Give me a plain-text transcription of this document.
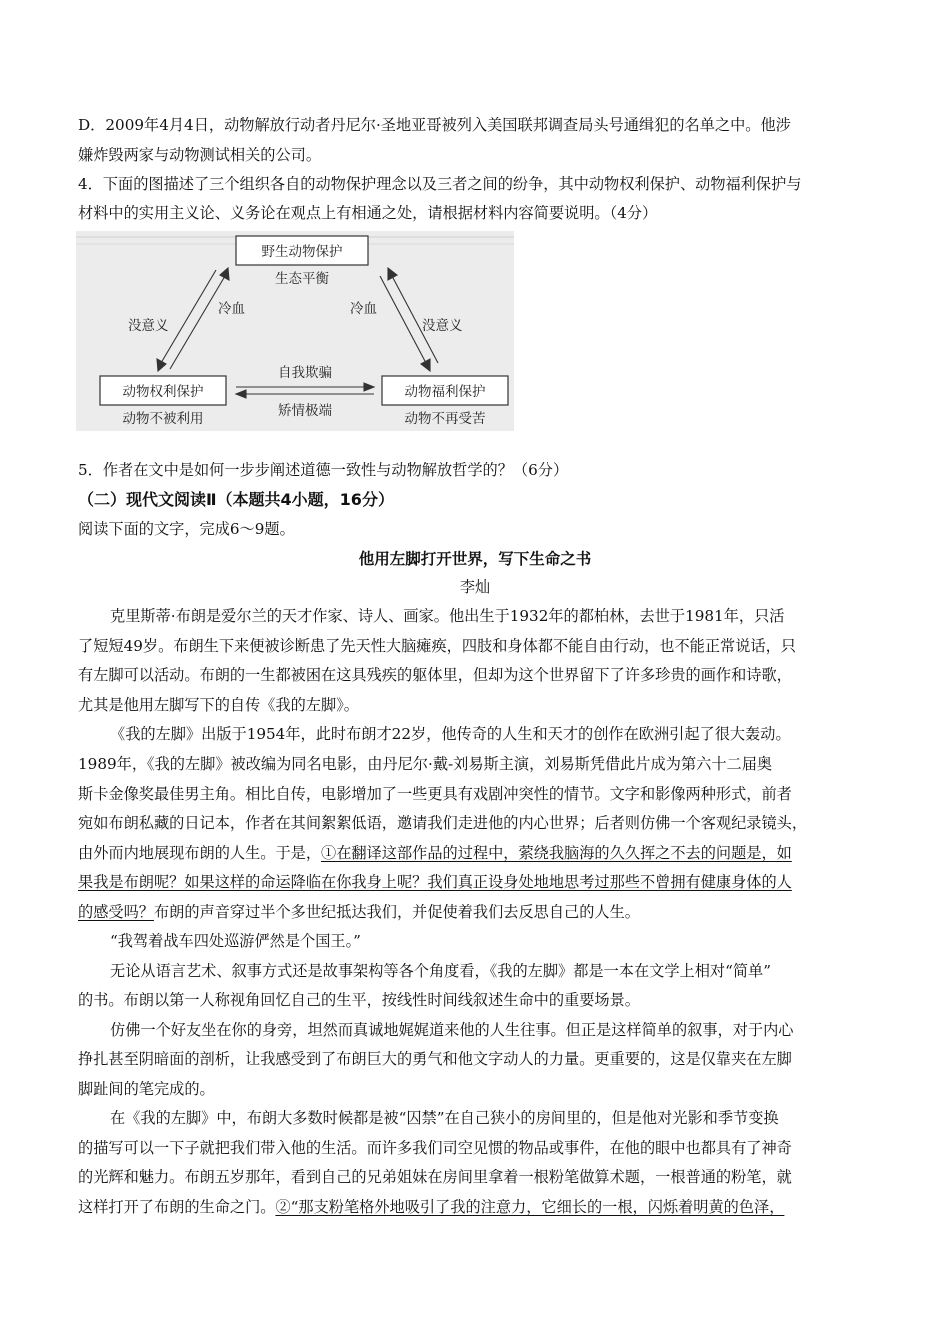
D．2009年4月4日，动物解放行动者丹尼尔·圣地亚哥被列入美国联邦调查局头号通缉犯的名单之中。他涉
嫌炸毁两家与动物测试相关的公司。
4．下面的图描述了三个组织各自的动物保护理念以及三者之间的纷争，其中动物权利保护、动物福利保护与
材料中的实用主义论、义务论在观点上有相通之处，请根据材料内容简要说明。（4分）
野生动物保护
生态平衡
动物权利保护
动物不被利用
动物福利保护
动物不再受苦
没意义
冷血	冷血
没意义
自我欺骗
矫情极端
5．作者在文中是如何一步步阐述道德一致性与动物解放哲学的？（6分）
（二）现代文阅读Ⅱ（本题共4小题，16分）
阅读下面的文字，完成6～9题。
他用左脚打开世界，写下生命之书
李灿
克里斯蒂·布朗是爱尔兰的天才作家、诗人、画家。他出生于1932年的都柏林，去世于1981年，只活
了短短49岁。布朗生下来便被诊断患了先天性大脑瘫痪，四肢和身体都不能自由行动，也不能正常说话，只
有左脚可以活动。布朗的一生都被困在这具残疾的躯体里，但却为这个世界留下了许多珍贵的画作和诗歌，
尤其是他用左脚写下的自传《我的左脚》。
《我的左脚》出版于1954年，此时布朗才22岁，他传奇的人生和天才的创作在欧洲引起了很大轰动。
1989年，《我的左脚》被改编为同名电影，由丹尼尔·戴-刘易斯主演，刘易斯凭借此片成为第六十二届奥
斯卡金像奖最佳男主角。相比自传，电影增加了一些更具有戏剧冲突性的情节。文字和影像两种形式，前者
宛如布朗私藏的日记本，作者在其间絮絮低语，邀请我们走进他的内心世界；后者则仿佛一个客观纪录镜头，
由外而内地展现布朗的人生。于是，①在翻译这部作品的过程中，萦绕我脑海的久久挥之不去的问题是，如
果我是布朗呢？如果这样的命运降临在你我身上呢？我们真正设身处地地思考过那些不曾拥有健康身体的人
的感受吗？布朗的声音穿过半个多世纪抵达我们，并促使着我们去反思自己的人生。
“我驾着战车四处巡游俨然是个国王。”
无论从语言艺术、叙事方式还是故事架构等各个角度看，《我的左脚》都是一本在文学上相对“简单”
的书。布朗以第一人称视角回忆自己的生平，按线性时间线叙述生命中的重要场景。
仿佛一个好友坐在你的身旁，坦然而真诚地娓娓道来他的人生往事。但正是这样简单的叙事，对于内心
挣扎甚至阴暗面的剖析，让我感受到了布朗巨大的勇气和他文字动人的力量。更重要的，这是仅靠夹在左脚
脚趾间的笔完成的。
在《我的左脚》中，布朗大多数时候都是被“囚禁”在自己狭小的房间里的，但是他对光影和季节变换
的描写可以一下子就把我们带入他的生活。而许多我们司空见惯的物品或事件，在他的眼中也都具有了神奇
的光辉和魅力。布朗五岁那年，看到自己的兄弟姐妹在房间里拿着一根粉笔做算术题，一根普通的粉笔，就
这样打开了布朗的生命之门。②“那支粉笔格外地吸引了我的注意力，它细长的一根，闪烁着明黄的色泽，
